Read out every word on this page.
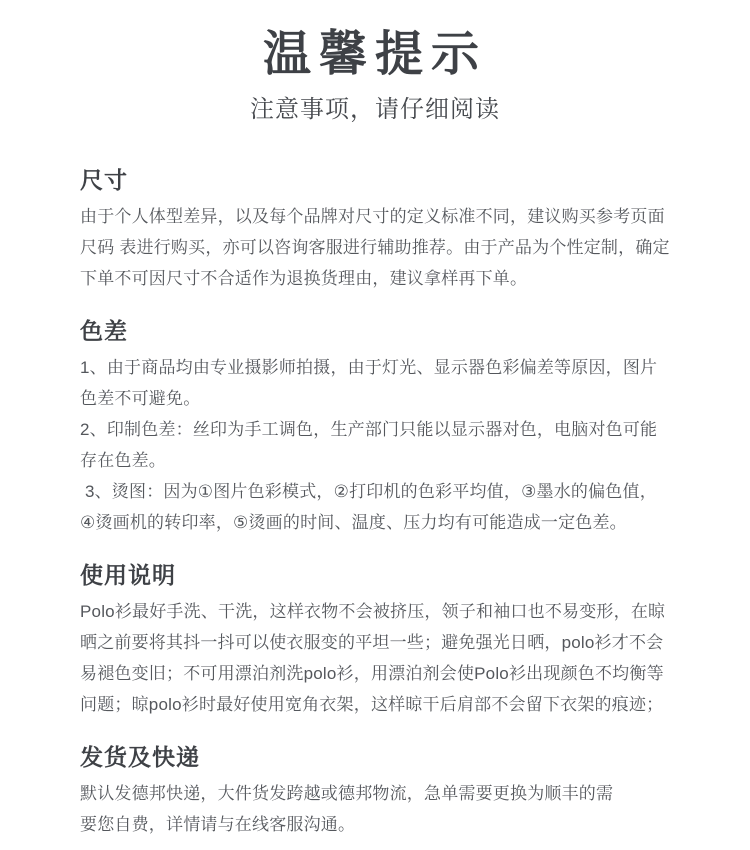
温馨提示
注意事项，请仔细阅读
尺寸
由于个人体型差异，以及每个品牌对尺寸的定义标准不同，建议购买参考页面
尺码 表进行购买，亦可以咨询客服进行辅助推荐。由于产品为个性定制，确定
下单不可因尺寸不合适作为退换货理由，建议拿样再下单。
色差
1、由于商品均由专业摄影师拍摄，由于灯光、显示器色彩偏差等原因，图片
色差不可避免。
2、印制色差：丝印为手工调色，生产部门只能以显示器对色，电脑对色可能
存在色差。
3、烫图：因为①图片色彩模式，②打印机的色彩平均值，③墨水的偏色值，
④烫画机的转印率，⑤烫画的时间、温度、压力均有可能造成一定色差。
使用说明
Polo衫最好手洗、干洗，这样衣物不会被挤压，领子和袖口也不易变形，在晾
晒之前要将其抖一抖可以使衣服变的平坦一些；避免强光日晒，polo衫才不会
易褪色变旧；不可用漂泊剂洗polo衫，用漂泊剂会使Polo衫出现颜色不均衡等
问题；晾polo衫时最好使用宽角衣架，这样晾干后肩部不会留下衣架的痕迹；
发货及快递
默认发德邦快递，大件货发跨越或德邦物流，急单需要更换为顺丰的需
要您自费，详情请与在线客服沟通。
